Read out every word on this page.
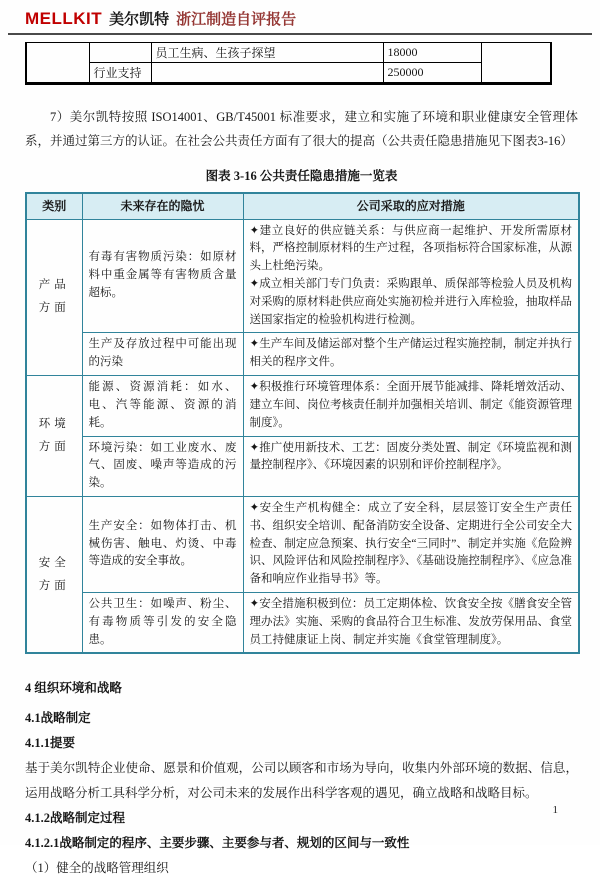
MELLKIT 美尔凯特 浙江制造自评报告
		员工生病、生孩子探望	18000	
	行业支持		250000	

7）美尔凯特按照 ISO14001、GB/T45001 标准要求，建立和实施了环境和职业健康安全管理体系，并通过第三方的认证。在社会公共责任方面有了很大的提高（公共责任隐患措施见下图表3-16）

图表 3-16 公共责任隐患措施一览表
类别	未来存在的隐忧	公司采取的应对措施
产品方面	有毒有害物质污染：如原材料中重金属等有害物质含量超标。	✦建立良好的供应链关系：与供应商一起维护、开发所需原材料，严格控制原材料的生产过程，各项指标符合国家标准，从源头上杜绝污染。
✦成立相关部门专门负责：采购跟单、质保部等检验人员及机构对采购的原材料赴供应商处实施初检并进行入库检验，抽取样品送国家指定的检验机构进行检测。

	生产及存放过程中可能出现的污染	✦生产车间及储运部对整个生产储运过程实施控制，制定并执行相关的程序文件。

环境方面	能源、资源消耗：如水、电、汽等能源、资源的消耗。	✦积极推行环境管理体系：全面开展节能减排、降耗增效活动、建立车间、岗位考核责任制并加强相关培训、制定《能资源管理制度》。

	环境污染：如工业废水、废气、固废、噪声等造成的污染。	✦推广使用新技术、工艺：固废分类处置、制定《环境监视和测量控制程序》、《环境因素的识别和评价控制程序》。

安全方面	生产安全：如物体打击、机械伤害、触电、灼烫、中毒等造成的安全事故。	✦安全生产机构健全：成立了安全科，层层签订安全生产责任书、组织安全培训、配备消防安全设备、定期进行全公司安全大检查、制定应急预案、执行安全“三同时”、制定并实施《危险辨识、风险评估和风险控制程序》、《基础设施控制程序》、《应急准备和响应作业指导书》等。

	公共卫生：如噪声、粉尘、有毒物质等引发的安全隐患。	✦安全措施积极到位：员工定期体检、饮食安全按《膳食安全管理办法》实施、采购的食品符合卫生标准、发放劳保用品、食堂员工持健康证上岗、制定并实施《食堂管理制度》。

4 组织环境和战略

4.1战略制定

4.1.1提要

基于美尔凯特企业使命、愿景和价值观，公司以顾客和市场为导向，收集内外部环境的数据、信息，运用战略分析工具科学分析，对公司未来的发展作出科学客观的遇见，确立战略和战略目标。

4.1.2战略制定过程

4.1.2.1战略制定的程序、主要步骤、主要参与者、规划的区间与一致性

（1）健全的战略管理组织

1
